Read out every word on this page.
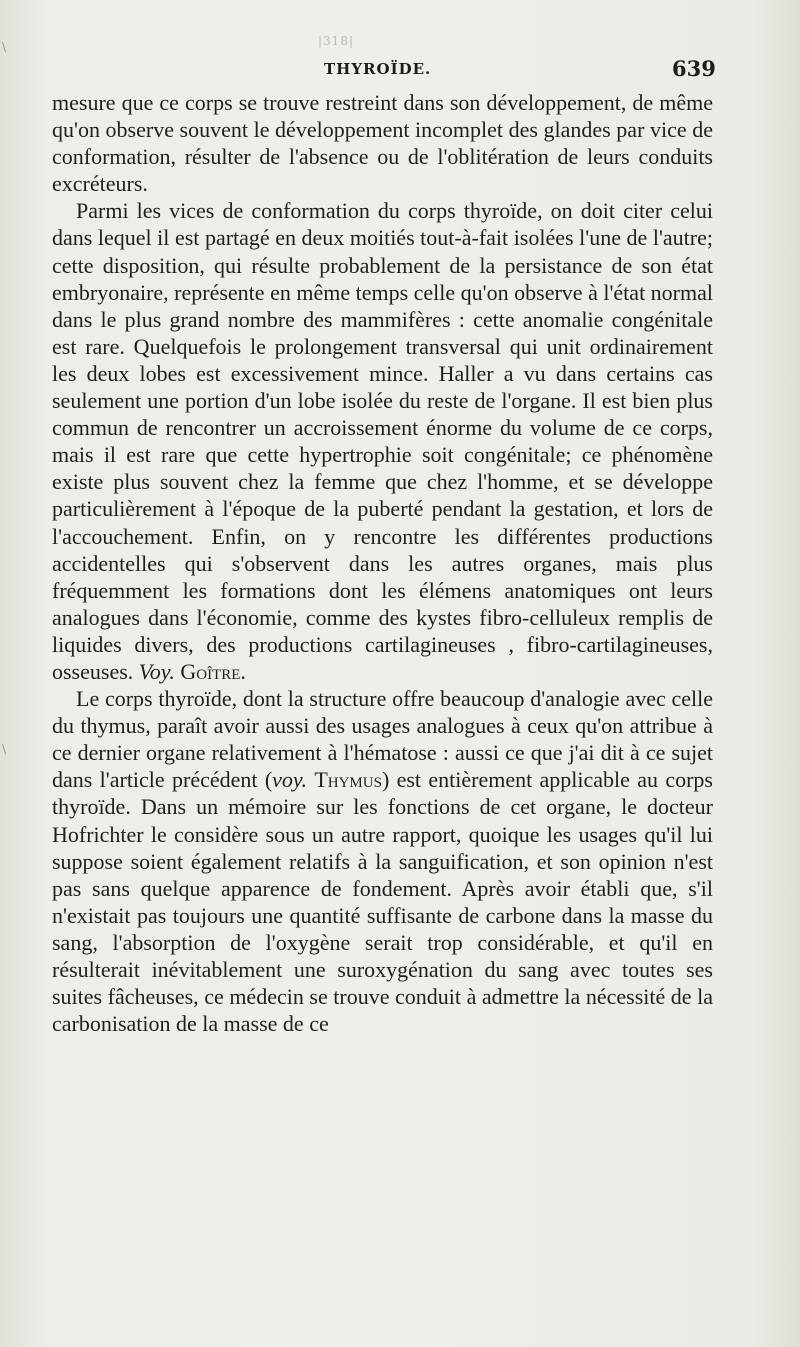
|318|
\
\
THYROÏDE.	639

mesure que ce corps se trouve restreint dans son développement, de même qu'on observe souvent le développement incomplet des glandes par vice de conformation, résulter de l'absence ou de l'oblitération de leurs conduits excréteurs.

Parmi les vices de conformation du corps thyroïde, on doit citer celui dans lequel il est partagé en deux moitiés tout-à-fait isolées l'une de l'autre; cette disposition, qui résulte probablement de la persistance de son état embryonaire, représente en même temps celle qu'on observe à l'état normal dans le plus grand nombre des mammifères : cette anomalie congénitale est rare. Quelquefois le prolongement transversal qui unit ordinairement les deux lobes est excessivement mince. Haller a vu dans certains cas seulement une portion d'un lobe isolée du reste de l'organe. Il est bien plus commun de rencontrer un accroissement énorme du volume de ce corps, mais il est rare que cette hypertrophie soit congénitale; ce phénomène existe plus souvent chez la femme que chez l'homme, et se développe particulièrement à l'époque de la puberté pendant la gestation, et lors de l'accouchement. Enfin, on y rencontre les différentes productions accidentelles qui s'observent dans les autres organes, mais plus fréquemment les formations dont les élémens anatomiques ont leurs analogues dans l'économie, comme des kystes fibro-celluleux remplis de liquides divers, des productions cartilagineuses , fibro-cartilagineuses, osseuses. Voy. Goître.

Le corps thyroïde, dont la structure offre beaucoup d'analogie avec celle du thymus, paraît avoir aussi des usages analogues à ceux qu'on attribue à ce dernier organe relativement à l'hématose : aussi ce que j'ai dit à ce sujet dans l'article précédent (voy. Thymus) est entièrement applicable au corps thyroïde. Dans un mémoire sur les fonctions de cet organe, le docteur Hofrichter le considère sous un autre rapport, quoique les usages qu'il lui suppose soient également relatifs à la sanguification, et son opinion n'est pas sans quelque apparence de fondement. Après avoir établi que, s'il n'existait pas toujours une quantité suffisante de carbone dans la masse du sang, l'absorption de l'oxygène serait trop considérable, et qu'il en résulterait inévitablement une suroxygénation du sang avec toutes ses suites fâcheuses, ce médecin se trouve conduit à admettre la nécessité de la carbonisation de la masse de ce
